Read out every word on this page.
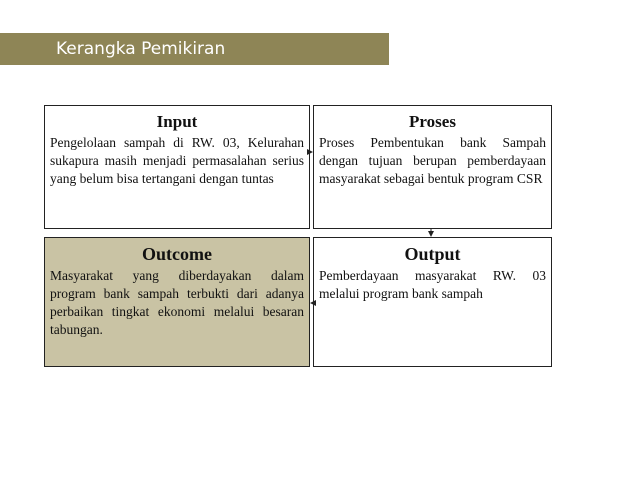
Kerangka Pemikiran

Input

Pengelolaan sampah di RW. 03, Kelurahan sukapura masih menjadi permasalahan serius yang belum bisa tertangani dengan tuntas

Proses

Proses Pembentukan bank Sampah dengan tujuan berupan pemberdayaan masyarakat sebagai bentuk program CSR

Outcome

Masyarakat yang diberdayakan dalam program bank sampah terbukti dari adanya perbaikan tingkat ekonomi melalui besaran tabungan.

Output

Pemberdayaan masyarakat RW. 03 melalui program bank sampah
